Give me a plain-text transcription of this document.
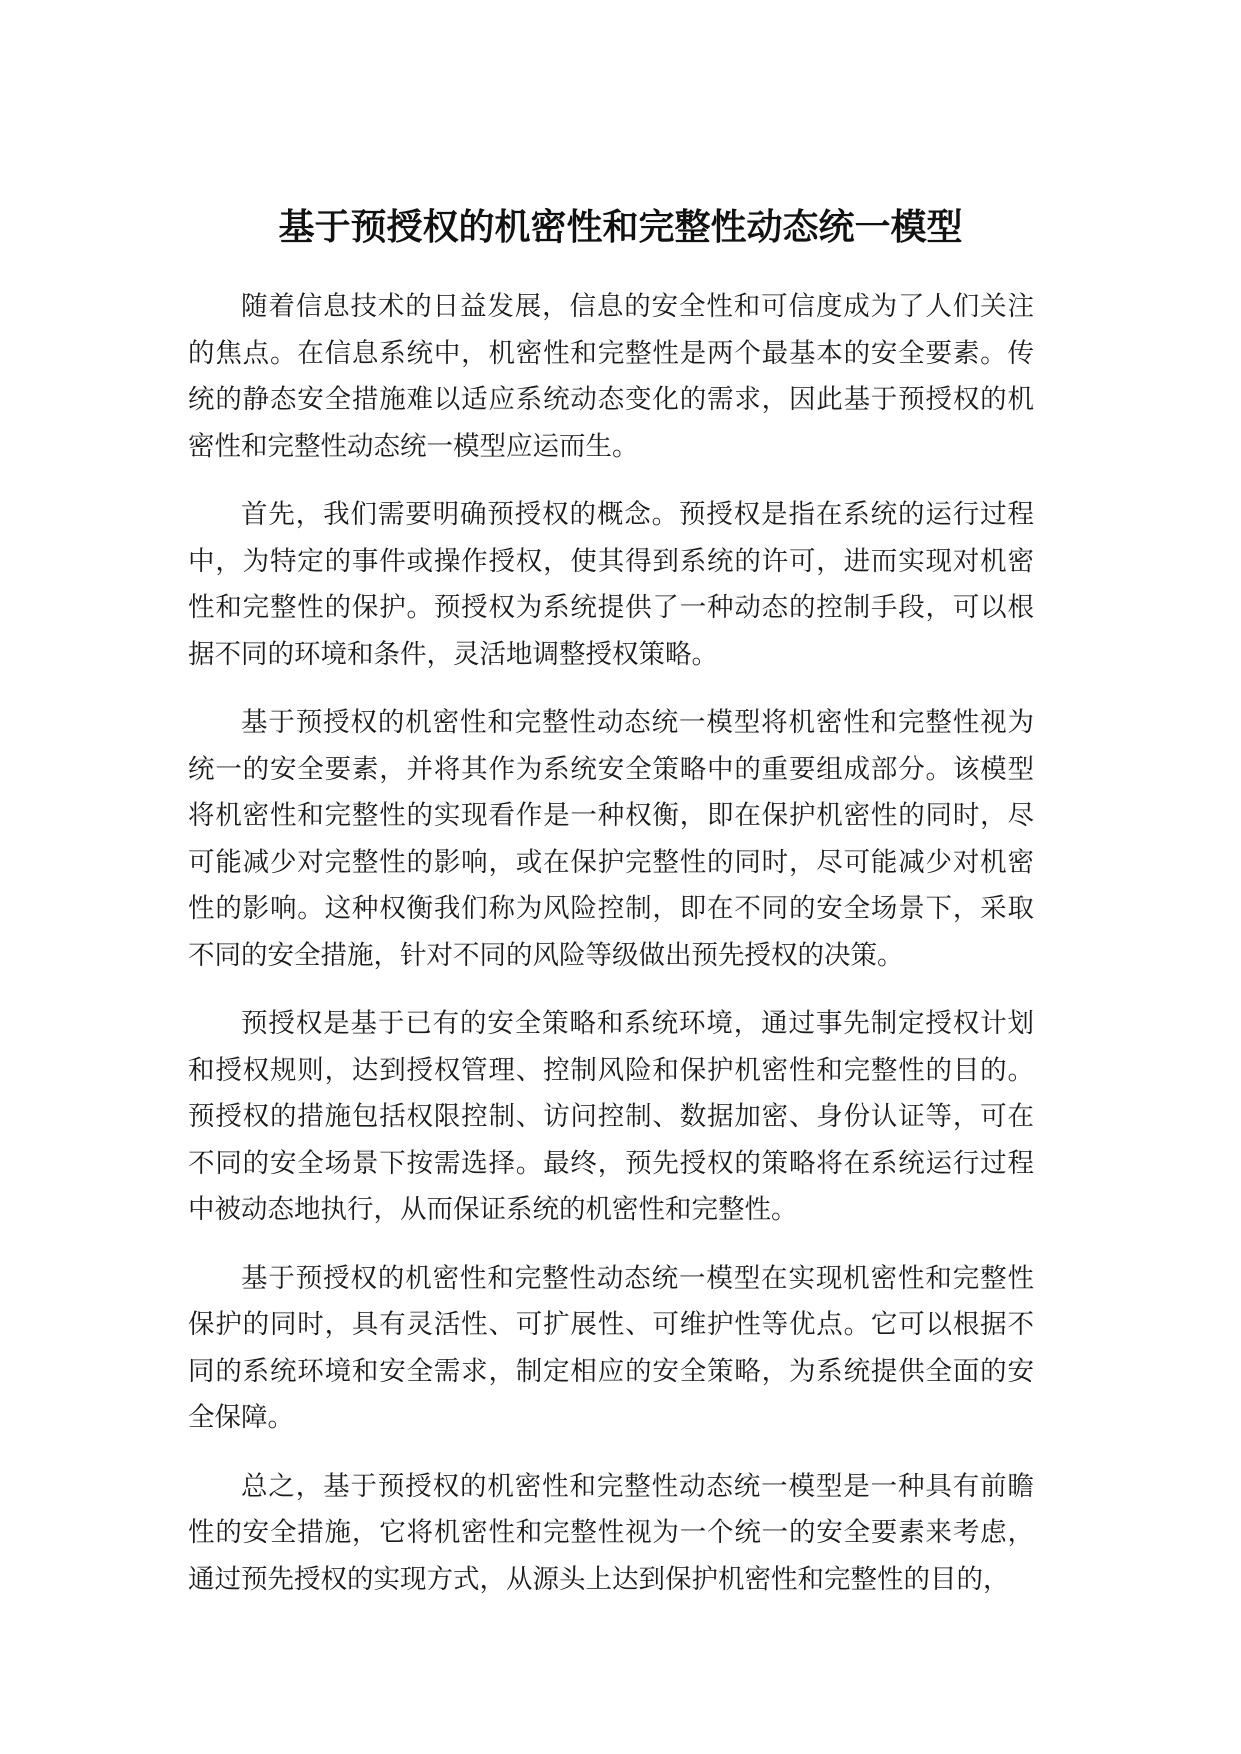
基于预授权的机密性和完整性动态统一模型

随着信息技术的日益发展，信息的安全性和可信度成为了人们关注的焦点。在信息系统中，机密性和完整性是两个最基本的安全要素。传统的静态安全措施难以适应系统动态变化的需求，因此基于预授权的机密性和完整性动态统一模型应运而生。

首先，我们需要明确预授权的概念。预授权是指在系统的运行过程中，为特定的事件或操作授权，使其得到系统的许可，进而实现对机密性和完整性的保护。预授权为系统提供了一种动态的控制手段，可以根据不同的环境和条件，灵活地调整授权策略。

基于预授权的机密性和完整性动态统一模型将机密性和完整性视为统一的安全要素，并将其作为系统安全策略中的重要组成部分。该模型将机密性和完整性的实现看作是一种权衡，即在保护机密性的同时，尽可能减少对完整性的影响，或在保护完整性的同时，尽可能减少对机密性的影响。这种权衡我们称为风险控制，即在不同的安全场景下，采取不同的安全措施，针对不同的风险等级做出预先授权的决策。

预授权是基于已有的安全策略和系统环境，通过事先制定授权计划和授权规则，达到授权管理、控制风险和保护机密性和完整性的目的。预授权的措施包括权限控制、访问控制、数据加密、身份认证等，可在不同的安全场景下按需选择。最终，预先授权的策略将在系统运行过程中被动态地执行，从而保证系统的机密性和完整性。

基于预授权的机密性和完整性动态统一模型在实现机密性和完整性保护的同时，具有灵活性、可扩展性、可维护性等优点。它可以根据不同的系统环境和安全需求，制定相应的安全策略，为系统提供全面的安全保障。

总之，基于预授权的机密性和完整性动态统一模型是一种具有前瞻性的安全措施，它将机密性和完整性视为一个统一的安全要素来考虑，通过预先授权的实现方式，从源头上达到保护机密性和完整性的目的，
